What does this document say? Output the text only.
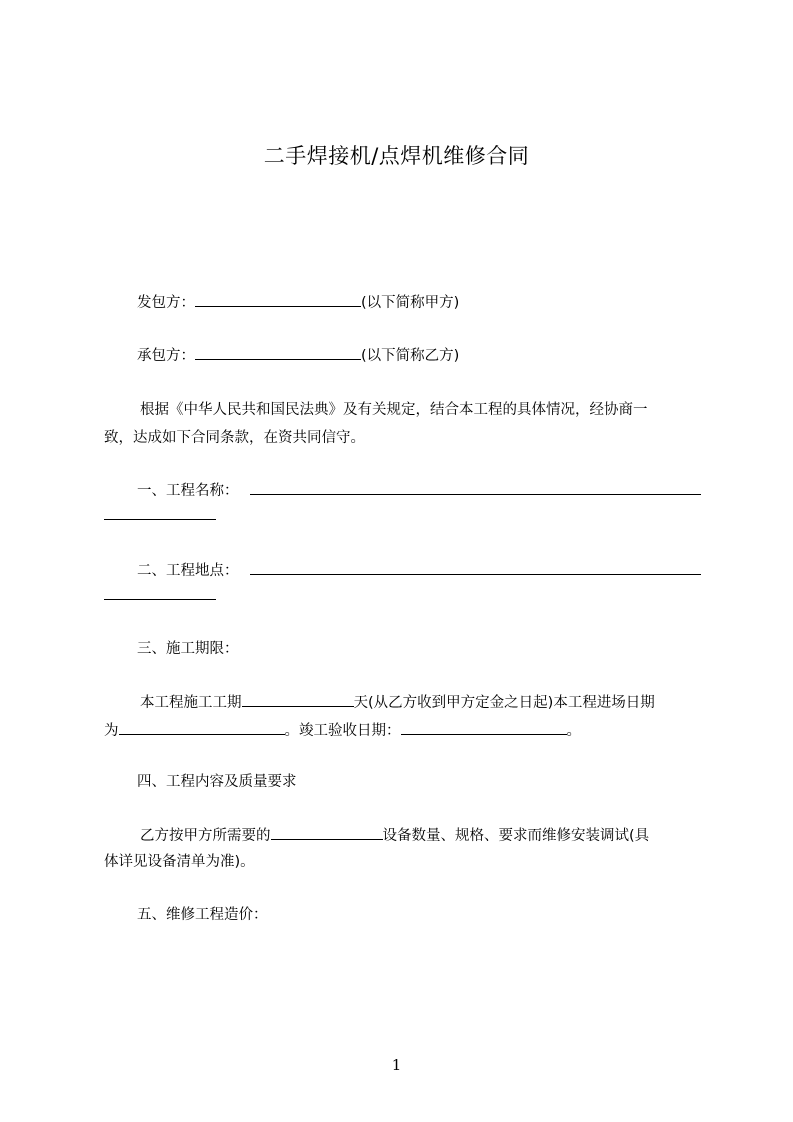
二手焊接机/点焊机维修合同
发包方：	(以下简称甲方)
承包方：	(以下简称乙方)
根据《中华人民共和国民法典》及有关规定，结合本工程的具体情况，经协商一
致，达成如下合同条款，在资共同信守。
一、工程名称：
二、工程地点：
三、施工期限：
本工程施工工期	天(从乙方收到甲方定金之日起)本工程进场日期
为	。竣工验收日期：	。
四、工程内容及质量要求
乙方按甲方所需要的	设备数量、规格、要求而维修安装调试(具
体详见设备清单为准)。
五、维修工程造价：
1
